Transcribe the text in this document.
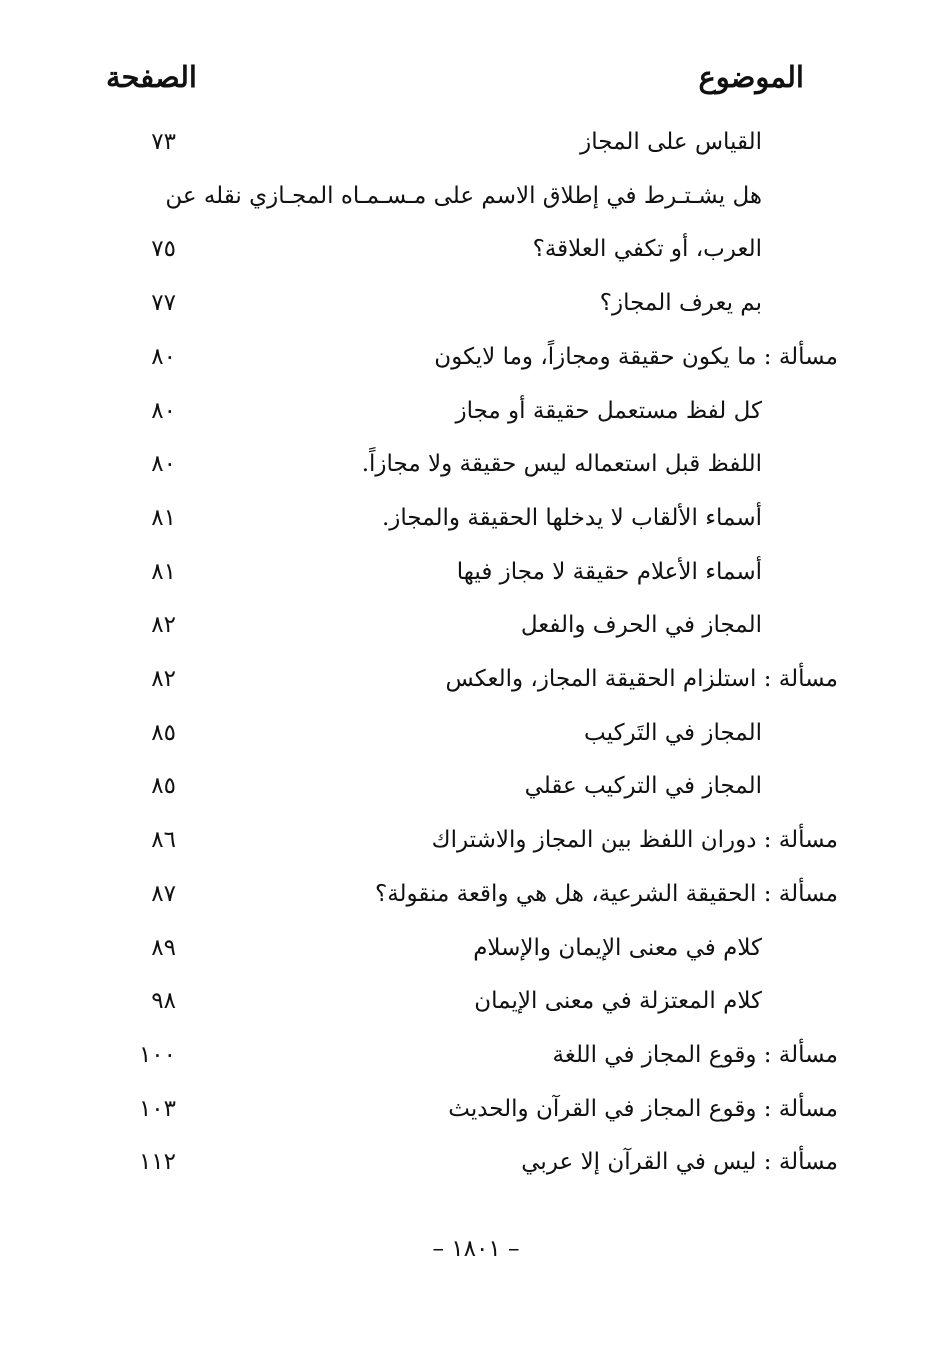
الموضوع
الصفحة
القياس على المجاز
٧٣
هل يشـتـرط في إطلاق الاسم على مـسـمـاه المجـازي نقله عن
العرب، أو تكفي العلاقة؟
٧٥
بم يعرف المجاز؟
٧٧
مسألة : ما يكون حقيقة ومجازاً، وما لايكون
٨٠
كل لفظ مستعمل حقيقة أو مجاز
٨٠
اللفظ قبل استعماله ليس حقيقة ولا مجازاً.
٨٠
أسماء الألقاب لا يدخلها الحقيقة والمجاز.
٨١
أسماء الأعلام حقيقة لا مجاز فيها
٨١
المجاز في الحرف والفعل
٨٢
مسألة : استلزام الحقيقة المجاز، والعكس
٨٢
المجاز في التَركيب
٨٥
المجاز في التركيب عقلي
٨٥
مسألة : دوران اللفظ بين المجاز والاشتراك
٨٦
مسألة : الحقيقة الشرعية، هل هي واقعة منقولة؟
٨٧
كلام في معنى الإيمان والإسلام
٨٩
كلام المعتزلة في معنى الإيمان
٩٨
مسألة : وقوع المجاز في اللغة
١٠٠
مسألة : وقوع المجاز في القرآن والحديث
١٠٣
مسألة : ليس في القرآن إلا عربي
١١٢
– ١٨٠١ –
